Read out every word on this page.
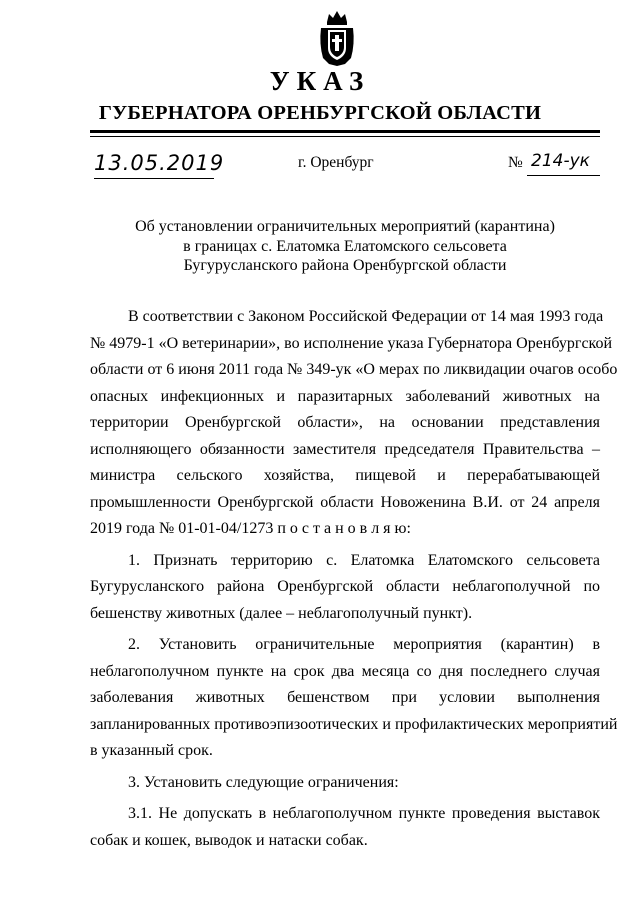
УКАЗ
ГУБЕРНАТОРА ОРЕНБУРГСКОЙ ОБЛАСТИ
13.05.2019	г. Оренбург	№ 214-ук
Об установлении ограничительных мероприятий (карантина)
в границах с. Елатомка Елатомского сельсовета
Бугурусланского района Оренбургской области
В соответствии с Законом Российской Федерации от 14 мая 1993 года
№ 4979-1 «О ветеринарии», во исполнение указа Губернатора Оренбургской
области от 6 июня 2011 года № 349-ук «О мерах по ликвидации очагов особо
опасных инфекционных и паразитарных заболеваний животных на
территории Оренбургской области», на основании представления
исполняющего обязанности заместителя председателя Правительства –
министра сельского хозяйства, пищевой и перерабатывающей
промышленности Оренбургской области Новоженина В.И. от 24 апреля
2019 года № 01-01-04/1273 п о с т а н о в л я ю:
1. Признать территорию с. Елатомка Елатомского сельсовета
Бугурусланского района Оренбургской области неблагополучной по
бешенству животных (далее – неблагополучный пункт).
2. Установить ограничительные мероприятия (карантин) в
неблагополучном пункте на срок два месяца со дня последнего случая
заболевания животных бешенством при условии выполнения
запланированных противоэпизоотических и профилактических мероприятий
в указанный срок.
3. Установить следующие ограничения:
3.1. Не допускать в неблагополучном пункте проведения выставок
собак и кошек, выводок и натаски собак.
